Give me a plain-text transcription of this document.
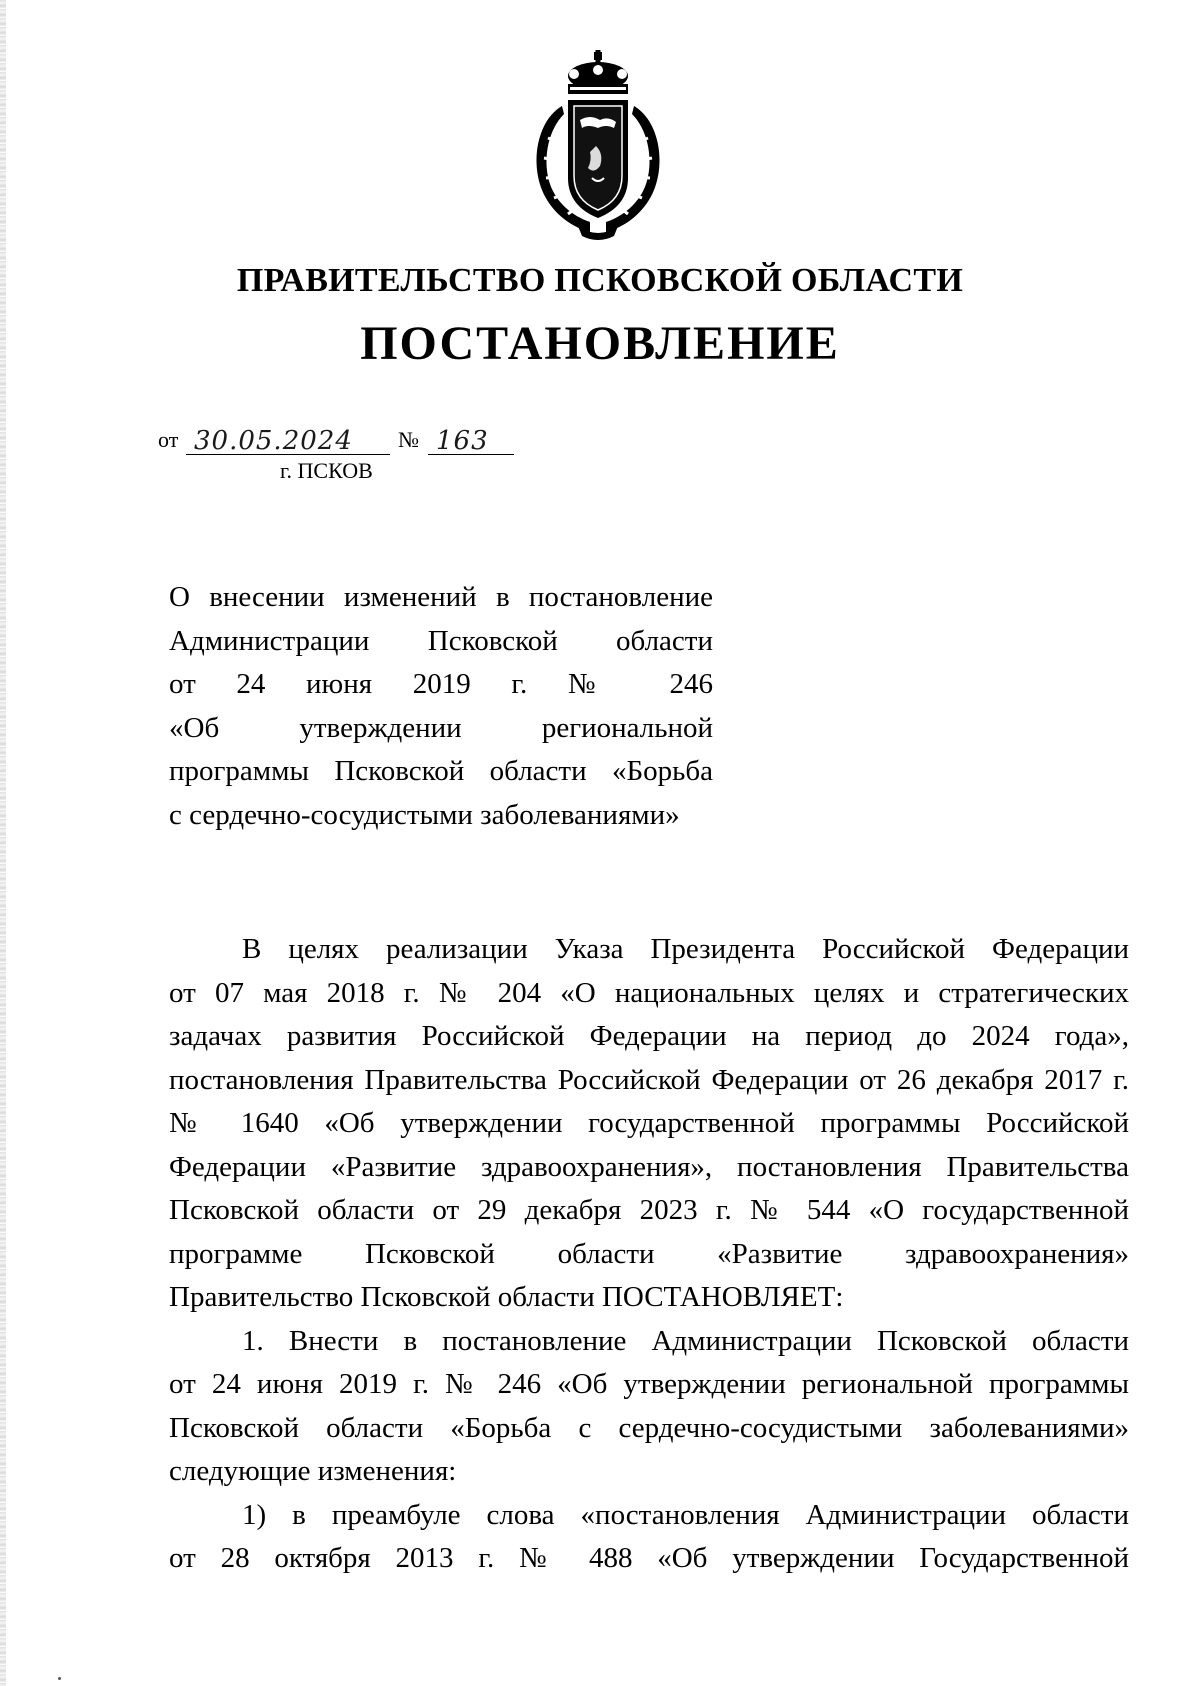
ПРАВИТЕЛЬСТВО ПСКОВСКОЙ ОБЛАСТИ
ПОСТАНОВЛЕНИЕ
от 30.05.2024 № 163
г. ПСКОВ
О внесении изменений в постановление
Администрации Псковской области
от 24 июня 2019 г. № 246
«Об утверждении региональной
программы Псковской области «Борьба
с сердечно-сосудистыми заболеваниями»
В целях реализации Указа Президента Российской Федерации
от 07 мая 2018 г. № 204 «О национальных целях и стратегических
задачах развития Российской Федерации на период до 2024 года»,
постановления Правительства Российской Федерации от 26 декабря 2017 г.
№ 1640 «Об утверждении государственной программы Российской
Федерации «Развитие здравоохранения», постановления Правительства
Псковской области от 29 декабря 2023 г. № 544 «О государственной
программе Псковской области «Развитие здравоохранения»
Правительство Псковской области ПОСТАНОВЛЯЕТ:
1. Внести в постановление Администрации Псковской области
от 24 июня 2019 г. № 246 «Об утверждении региональной программы
Псковской области «Борьба с сердечно-сосудистыми заболеваниями»
следующие изменения:
1) в преамбуле слова «постановления Администрации области
от 28 октября 2013 г. № 488 «Об утверждении Государственной
